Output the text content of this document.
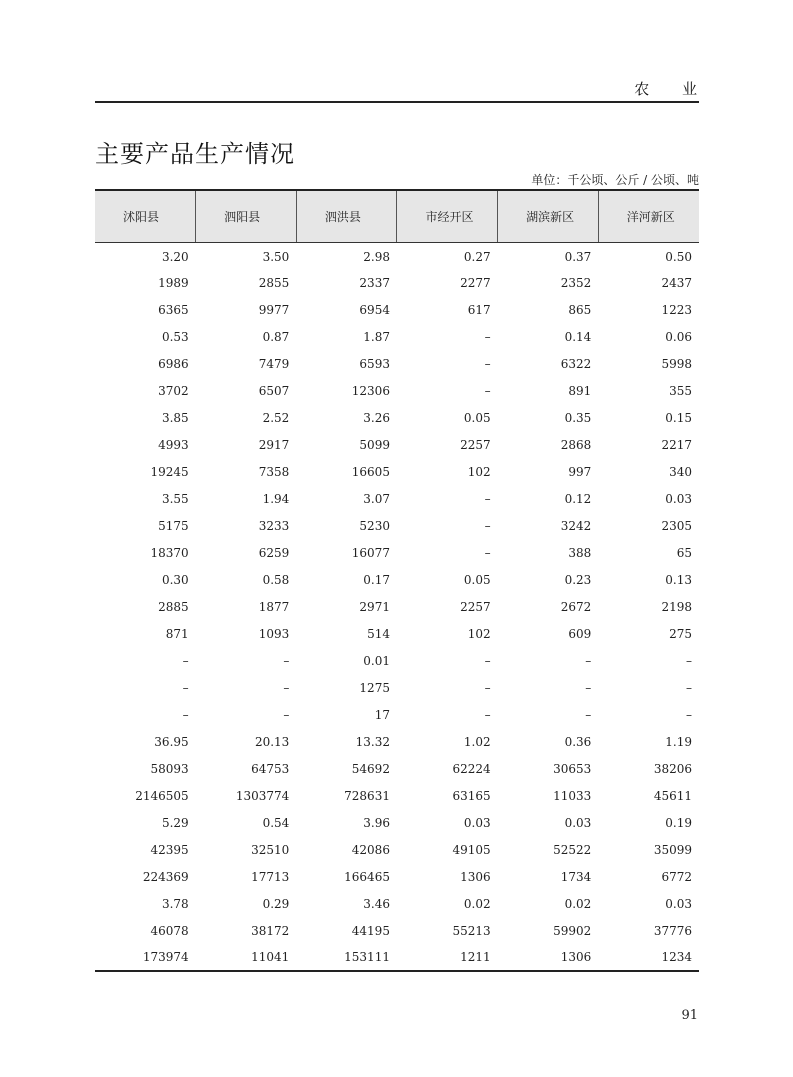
农 业
主要产品生产情况
单位：千公顷、公斤 / 公顷、吨
沭阳县	泗阳县	泗洪县	市经开区	湖滨新区	洋河新区
3.20	3.50	2.98	0.27	0.37	0.50
1989	2855	2337	2277	2352	2437
6365	9977	6954	617	865	1223
0.53	0.87	1.87	–	0.14	0.06
6986	7479	6593	–	6322	5998
3702	6507	12306	–	891	355
3.85	2.52	3.26	0.05	0.35	0.15
4993	2917	5099	2257	2868	2217
19245	7358	16605	102	997	340
3.55	1.94	3.07	–	0.12	0.03
5175	3233	5230	–	3242	2305
18370	6259	16077	–	388	65
0.30	0.58	0.17	0.05	0.23	0.13
2885	1877	2971	2257	2672	2198
871	1093	514	102	609	275
–	–	0.01	–	–	–
–	–	1275	–	–	–
–	–	17	–	–	–
36.95	20.13	13.32	1.02	0.36	1.19
58093	64753	54692	62224	30653	38206
2146505	1303774	728631	63165	11033	45611
5.29	0.54	3.96	0.03	0.03	0.19
42395	32510	42086	49105	52522	35099
224369	17713	166465	1306	1734	6772
3.78	0.29	3.46	0.02	0.02	0.03
46078	38172	44195	55213	59902	37776
173974	11041	153111	1211	1306	1234
91
